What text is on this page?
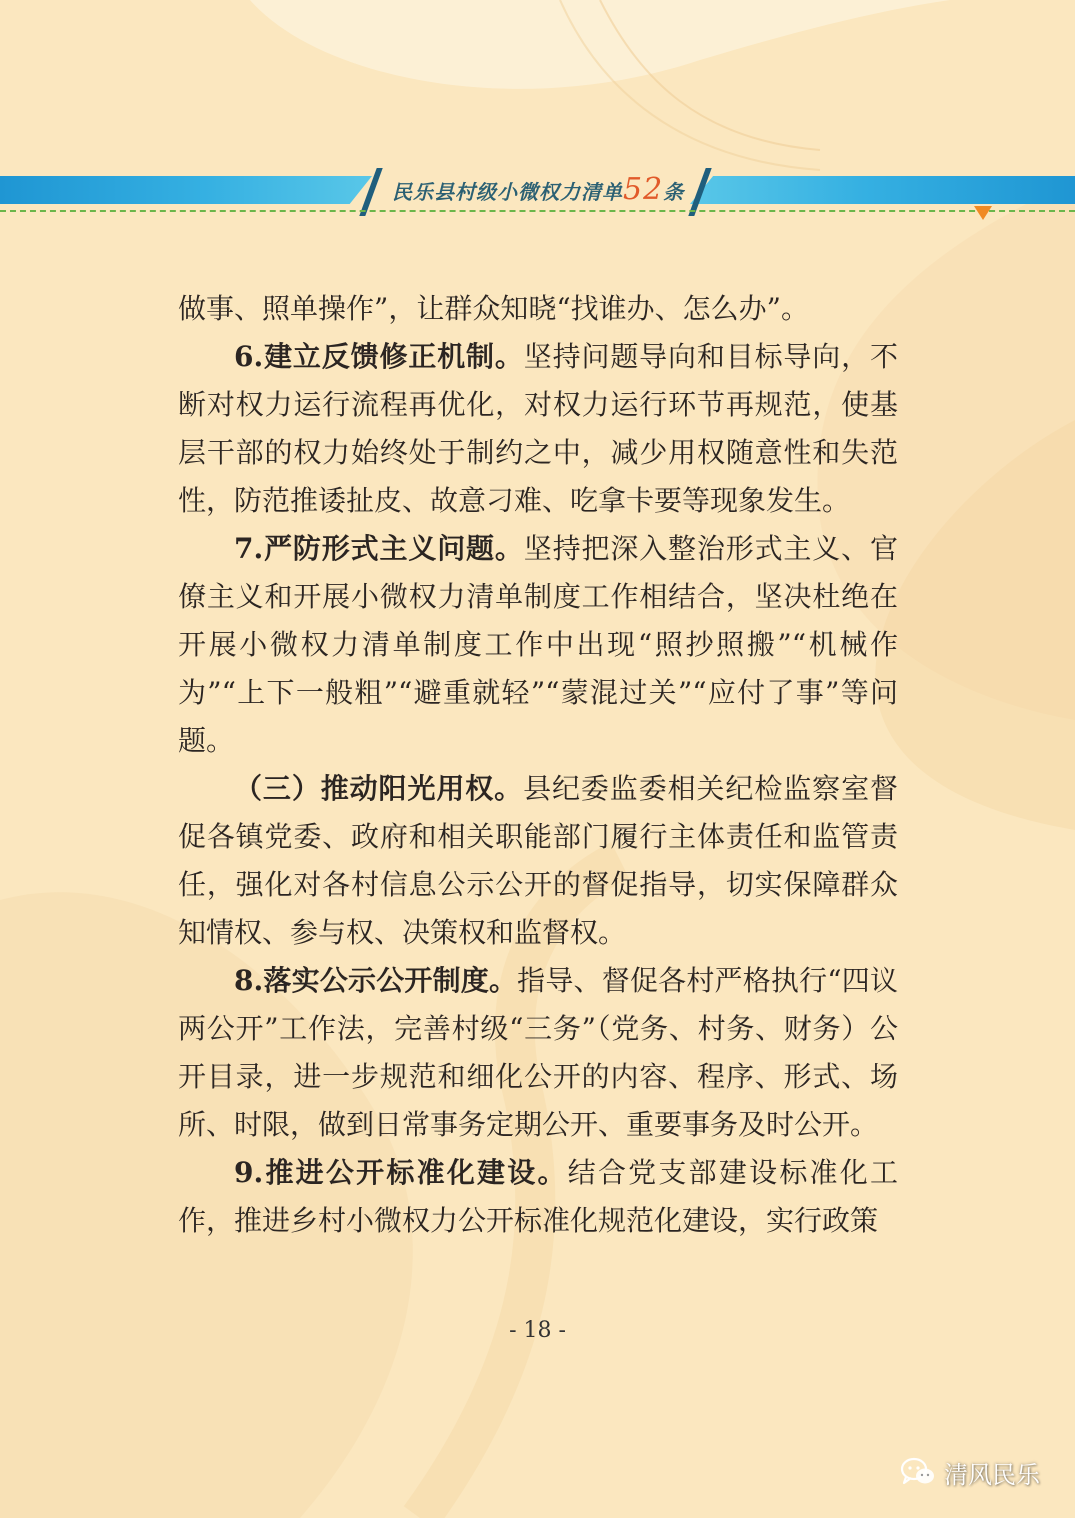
民乐县村级小微权力清单52条

做事、照单操作”，让群众知晓“找谁办、怎么办”。

6.建立反馈修正机制。坚持问题导向和目标导向，不断对权力运行流程再优化，对权力运行环节再规范，使基层干部的权力始终处于制约之中，减少用权随意性和失范性，防范推诿扯皮、故意刁难、吃拿卡要等现象发生。

7.严防形式主义问题。坚持把深入整治形式主义、官僚主义和开展小微权力清单制度工作相结合，坚决杜绝在开展小微权力清单制度工作中出现“照抄照搬”“机械作为”“上下一般粗”“避重就轻”“蒙混过关”“应付了事”等问题。

（三）推动阳光用权。县纪委监委相关纪检监察室督促各镇党委、政府和相关职能部门履行主体责任和监管责任，强化对各村信息公示公开的督促指导，切实保障群众知情权、参与权、决策权和监督权。

8.落实公示公开制度。指导、督促各村严格执行“四议两公开”工作法，完善村级“三务”（党务、村务、财务）公开目录，进一步规范和细化公开的内容、程序、形式、场所、时限，做到日常事务定期公开、重要事务及时公开。

9.推进公开标准化建设。结合党支部建设标准化工作，推进乡村小微权力公开标准化规范化建设，实行政策

- 18 -
清风民乐
